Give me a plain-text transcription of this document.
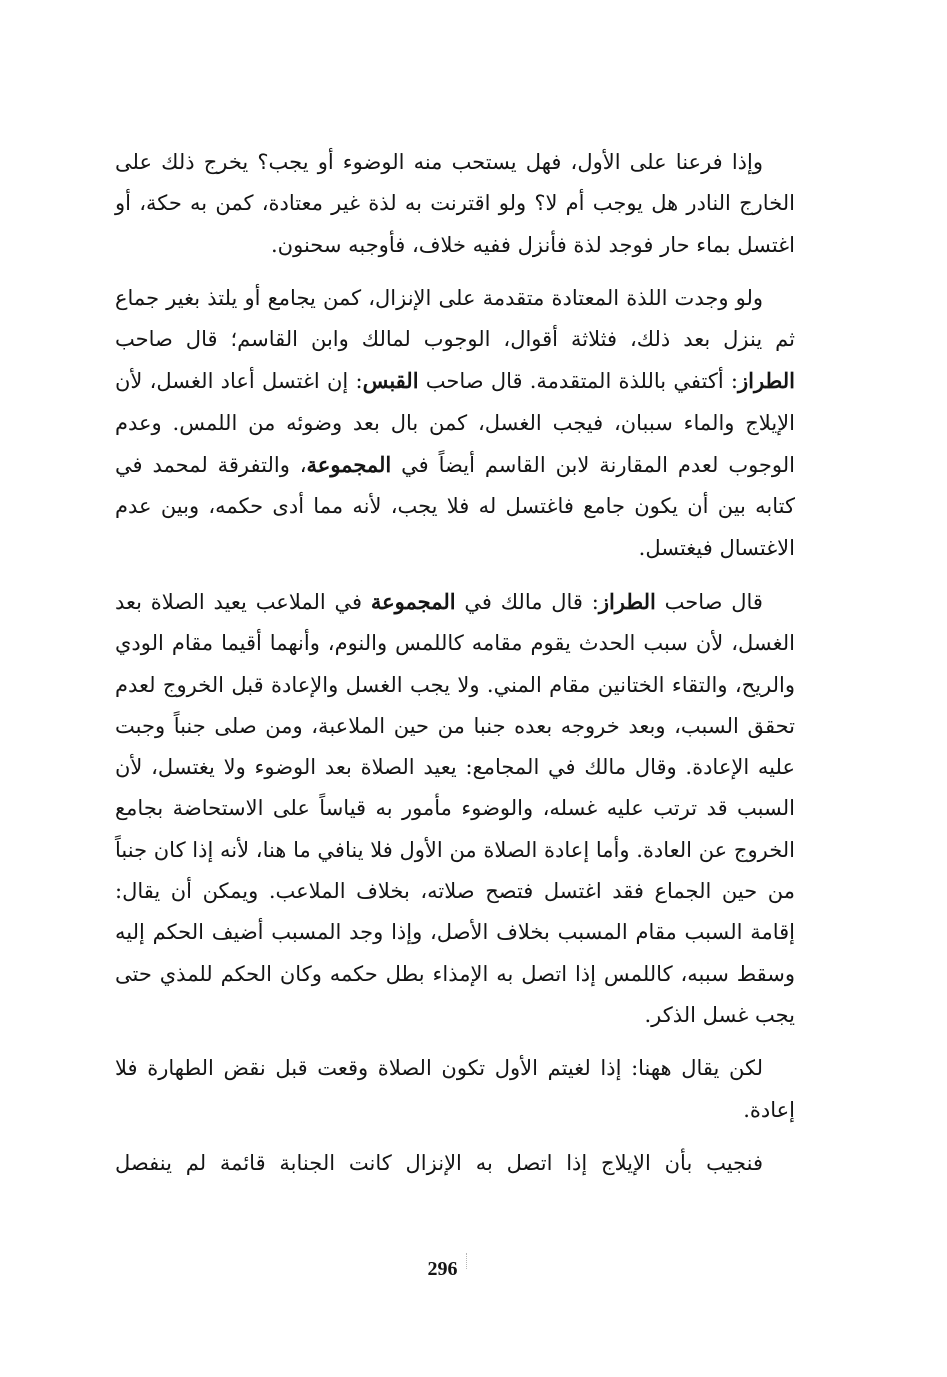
وإذا فرعنا على الأول، فهل يستحب منه الوضوء أو يجب؟ يخرج ذلك على الخارج النادر هل يوجب أم لا؟ ولو اقترنت به لذة غير معتادة، كمن به حكة، أو اغتسل بماء حار فوجد لذة فأنزل ففيه خلاف، فأوجبه سحنون.

ولو وجدت اللذة المعتادة متقدمة على الإنزال، كمن يجامع أو يلتذ بغير جماع ثم ينزل بعد ذلك، فثلاثة أقوال، الوجوب لمالك وابن القاسم؛ قال صاحب الطراز: أكتفي باللذة المتقدمة. قال صاحب القبس: إن اغتسل أعاد الغسل، لأن الإيلاج والماء سببان، فيجب الغسل، كمن بال بعد وضوئه من اللمس. وعدم الوجوب لعدم المقارنة لابن القاسم أيضاً في المجموعة، والتفرقة لمحمد في كتابه بين أن يكون جامع فاغتسل له فلا يجب، لأنه مما أدى حكمه، وبين عدم الاغتسال فيغتسل.

قال صاحب الطراز: قال مالك في المجموعة في الملاعب يعيد الصلاة بعد الغسل، لأن سبب الحدث يقوم مقامه كاللمس والنوم، وأنهما أقيما مقام الودي والريح، والتقاء الختانين مقام المني. ولا يجب الغسل والإعادة قبل الخروج لعدم تحقق السبب، وبعد خروجه بعده جنبا من حين الملاعبة، ومن صلى جنباً وجبت عليه الإعادة. وقال مالك في المجامع: يعيد الصلاة بعد الوضوء ولا يغتسل، لأن السبب قد ترتب عليه غسله، والوضوء مأمور به قياساً على الاستحاضة بجامع الخروج عن العادة. وأما إعادة الصلاة من الأول فلا ينافي ما هنا، لأنه إذا كان جنباً من حين الجماع فقد اغتسل فتصح صلاته، بخلاف الملاعب. ويمكن أن يقال: إقامة السبب مقام المسبب بخلاف الأصل، وإذا وجد المسبب أضيف الحكم إليه وسقط سببه، كاللمس إذا اتصل به الإمذاء بطل حكمه وكان الحكم للمذي حتى يجب غسل الذكر.

لكن يقال ههنا: إذا لغيتم الأول تكون الصلاة وقعت قبل نقض الطهارة فلا إعادة.

فنجيب بأن الإيلاج إذا اتصل به الإنزال كانت الجنابة قائمة لم ينفصل

296
